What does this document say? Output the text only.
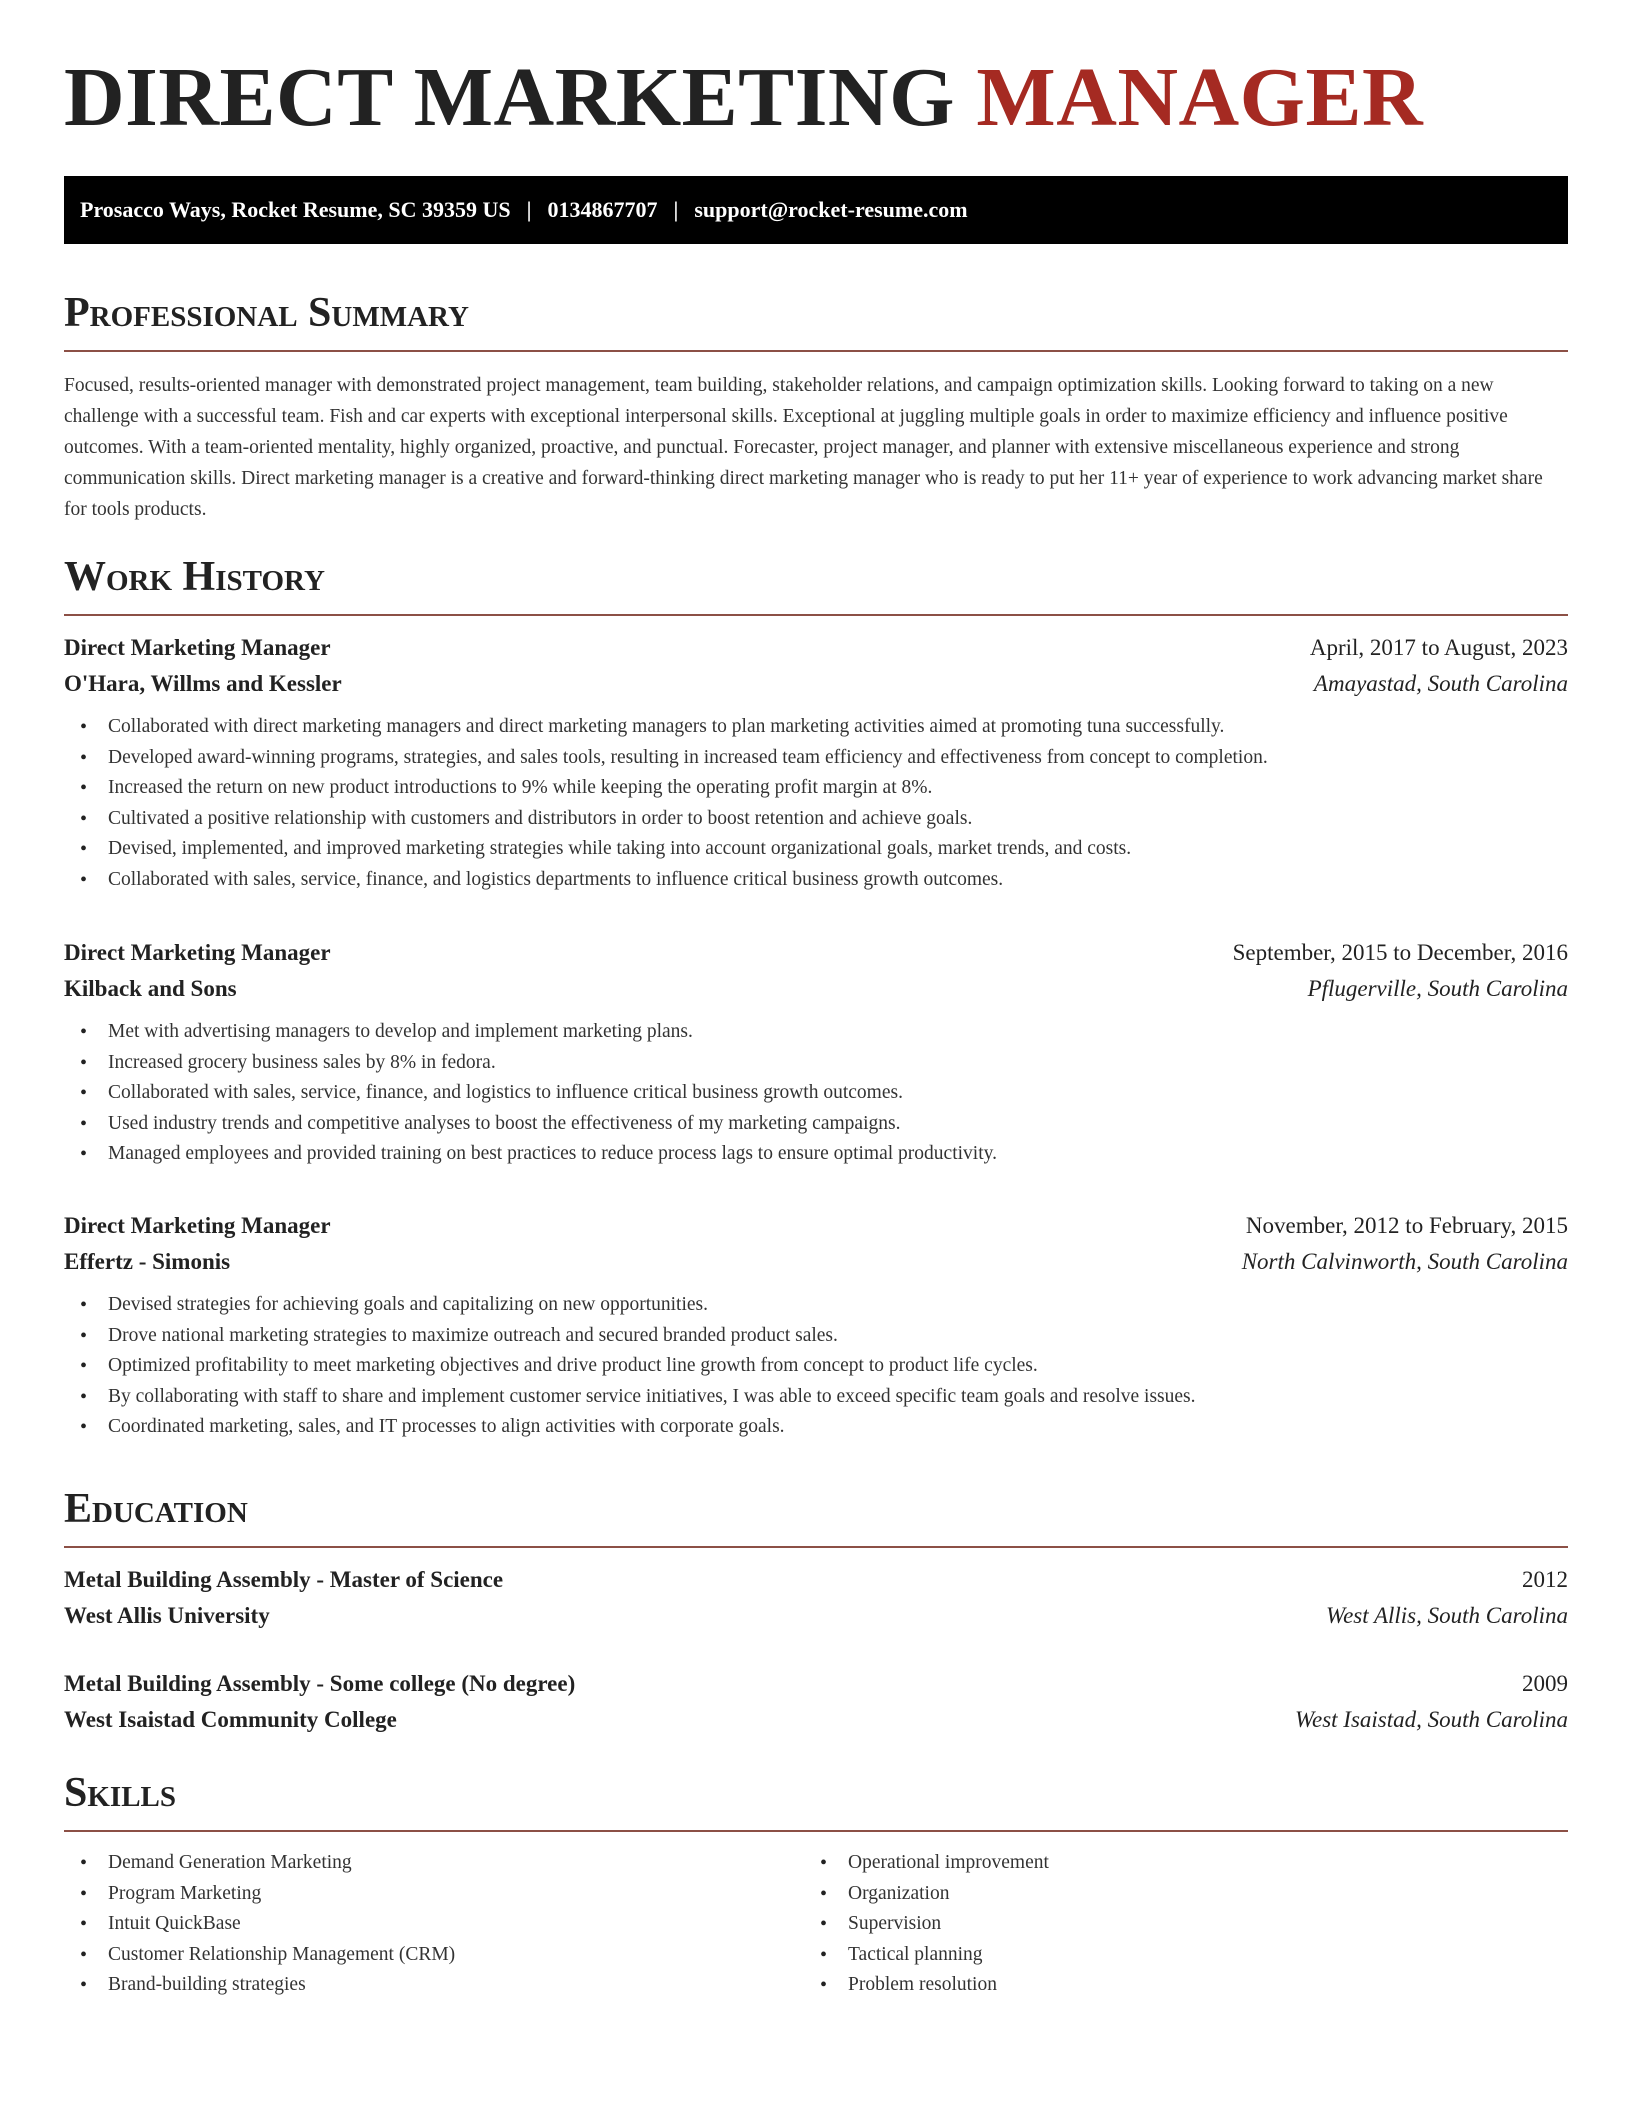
DIRECT MARKETING MANAGER
Prosacco Ways, Rocket Resume, SC 39359 US | 0134867707 | support@rocket-resume.com
Professional Summary
Focused, results-oriented manager with demonstrated project management, team building, stakeholder relations, and campaign optimization skills. Looking forward to taking on a new challenge with a successful team. Fish and car experts with exceptional interpersonal skills. Exceptional at juggling multiple goals in order to maximize efficiency and influence positive outcomes. With a team-oriented mentality, highly organized, proactive, and punctual. Forecaster, project manager, and planner with extensive miscellaneous experience and strong communication skills. Direct marketing manager is a creative and forward-thinking direct marketing manager who is ready to put her 11+ year of experience to work advancing market share for tools products.
Work History
Direct Marketing Manager	April, 2017 to August, 2023
O'Hara, Willms and Kessler	Amayastad, South Carolina
• Collaborated with direct marketing managers and direct marketing managers to plan marketing activities aimed at promoting tuna successfully.
• Developed award-winning programs, strategies, and sales tools, resulting in increased team efficiency and effectiveness from concept to completion.
• Increased the return on new product introductions to 9% while keeping the operating profit margin at 8%.
• Cultivated a positive relationship with customers and distributors in order to boost retention and achieve goals.
• Devised, implemented, and improved marketing strategies while taking into account organizational goals, market trends, and costs.
• Collaborated with sales, service, finance, and logistics departments to influence critical business growth outcomes.
Direct Marketing Manager	September, 2015 to December, 2016
Kilback and Sons	Pflugerville, South Carolina
• Met with advertising managers to develop and implement marketing plans.
• Increased grocery business sales by 8% in fedora.
• Collaborated with sales, service, finance, and logistics to influence critical business growth outcomes.
• Used industry trends and competitive analyses to boost the effectiveness of my marketing campaigns.
• Managed employees and provided training on best practices to reduce process lags to ensure optimal productivity.
Direct Marketing Manager	November, 2012 to February, 2015
Effertz - Simonis	North Calvinworth, South Carolina
• Devised strategies for achieving goals and capitalizing on new opportunities.
• Drove national marketing strategies to maximize outreach and secured branded product sales.
• Optimized profitability to meet marketing objectives and drive product line growth from concept to product life cycles.
• By collaborating with staff to share and implement customer service initiatives, I was able to exceed specific team goals and resolve issues.
• Coordinated marketing, sales, and IT processes to align activities with corporate goals.
Education
Metal Building Assembly - Master of Science	2012
West Allis University	West Allis, South Carolina
Metal Building Assembly - Some college (No degree)	2009
West Isaistad Community College	West Isaistad, South Carolina
Skills
• Demand Generation Marketing
• Program Marketing
• Intuit QuickBase
• Customer Relationship Management (CRM)
• Brand-building strategies
• Operational improvement
• Organization
• Supervision
• Tactical planning
• Problem resolution
